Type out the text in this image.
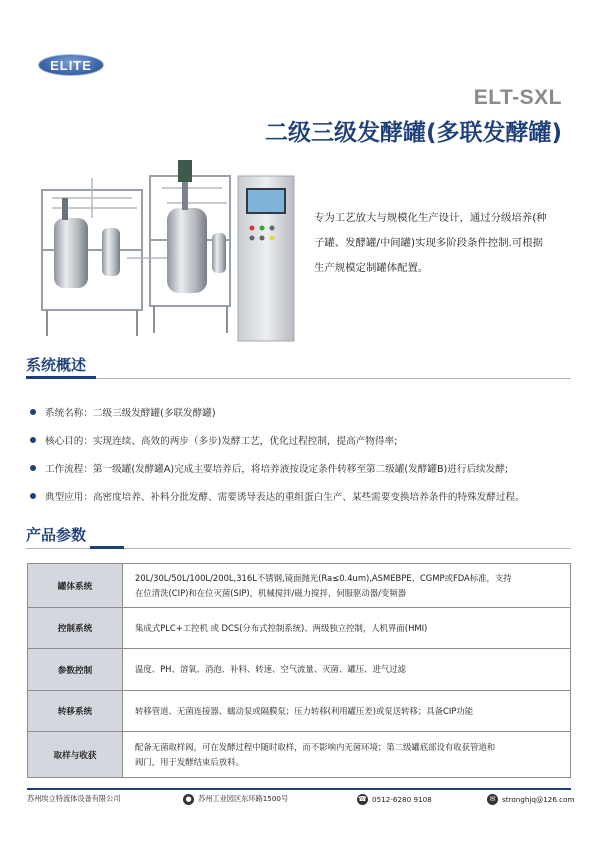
ELITE
ELT-SXL
二级三级发酵罐(多联发酵罐)
专为工艺放大与规模化生产设计，通过分级培养(种
子罐、发酵罐/中间罐)实现多阶段条件控制.可根据
生产规模定制罐体配置。
系统概述
系统名称：二级三级发酵罐(多联发酵罐)
核心目的：实现连续、高效的两步（多步)发酵工艺，优化过程控制，提高产物得率;
工作流程：第一级罐(发酵罐A)完成主要培养后，将培养液按设定条件转移至第二级罐(发酵罐B)进行后续发酵;
典型应用：高密度培养、补料分批发酵、需要诱导表达的重组蛋白生产、某些需要变换培养条件的特殊发酵过程。
产品参数
罐体系统	20L/30L/50L/100L/200L,316L不锈钢,镜面抛光(Ra≤0.4um),ASMEBPE、CGMP或FDA标准，支持
在位清洗(CIP)和在位灭菌(SIP)，机械搅拌/磁力搅拌，伺服驱动器/变频器

控制系统	集成式PLC+工控机 或 DCS(分布式控制系统)、两级独立控制，人机界面(HMI)

参数控制	温度、PH、溶氧、消泡、补料、转速、空气流量、灭菌、罐压、进气过滤

转移系统	转移管道、无菌连接器、蠕动泵或隔膜泵；压力转移(利用罐压差)或泵送转移；具备CIP功能

取样与收获	配备无菌取样阀，可在发酵过程中随时取样，而不影响内无菌环境；第二级罐底部设有收获管道和
阀门，用于发酵结束后放料。
苏州埃立特流体设备有限公司	● 苏州工业园区东环路1500号	☎ 0512-6280 9108	✉ stronghjq@126.com
